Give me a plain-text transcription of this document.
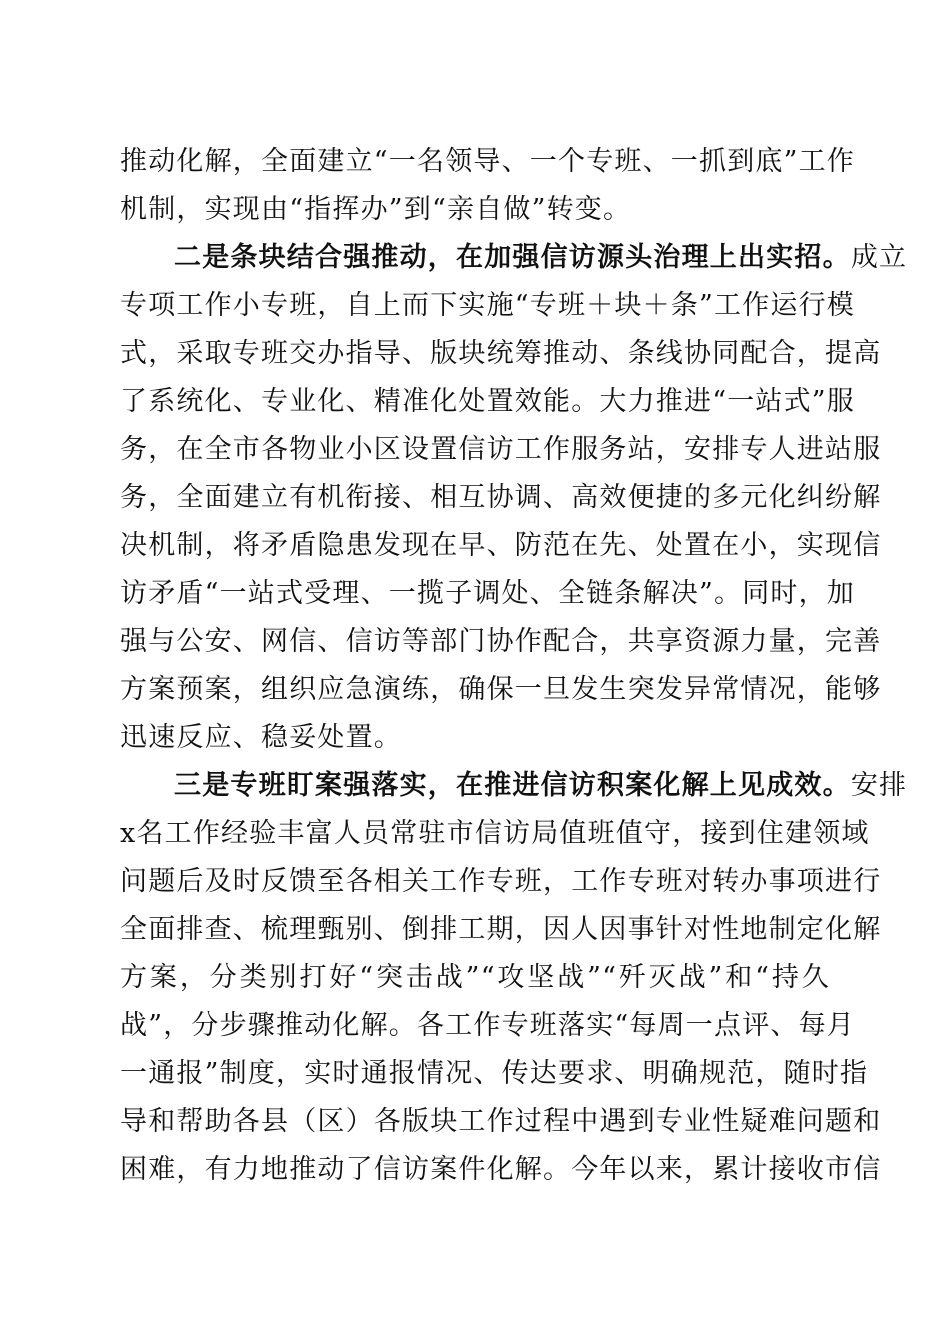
推动化解，全面建立“一名领导、一个专班、一抓到底”工作
机制，实现由“指挥办”到“亲自做”转变。
二是条块结合强推动，在加强信访源头治理上出实招。成立
专项工作小专班，自上而下实施“专班＋块＋条”工作运行模
式，采取专班交办指导、版块统筹推动、条线协同配合，提高
了系统化、专业化、精准化处置效能。大力推进“一站式”服
务，在全市各物业小区设置信访工作服务站，安排专人进站服
务，全面建立有机衔接、相互协调、高效便捷的多元化纠纷解
决机制，将矛盾隐患发现在早、防范在先、处置在小，实现信
访矛盾“一站式受理、一揽子调处、全链条解决”。同时，加
强与公安、网信、信访等部门协作配合，共享资源力量，完善
方案预案，组织应急演练，确保一旦发生突发异常情况，能够
迅速反应、稳妥处置。
三是专班盯案强落实，在推进信访积案化解上见成效。安排
x名工作经验丰富人员常驻市信访局值班值守，接到住建领域
问题后及时反馈至各相关工作专班，工作专班对转办事项进行
全面排查、梳理甄别、倒排工期，因人因事针对性地制定化解
方案，分类别打好“突击战”“攻坚战”“歼灭战”和“持久
战”，分步骤推动化解。各工作专班落实“每周一点评、每月
一通报”制度，实时通报情况、传达要求、明确规范，随时指
导和帮助各县（区）各版块工作过程中遇到专业性疑难问题和
困难，有力地推动了信访案件化解。今年以来，累计接收市信
